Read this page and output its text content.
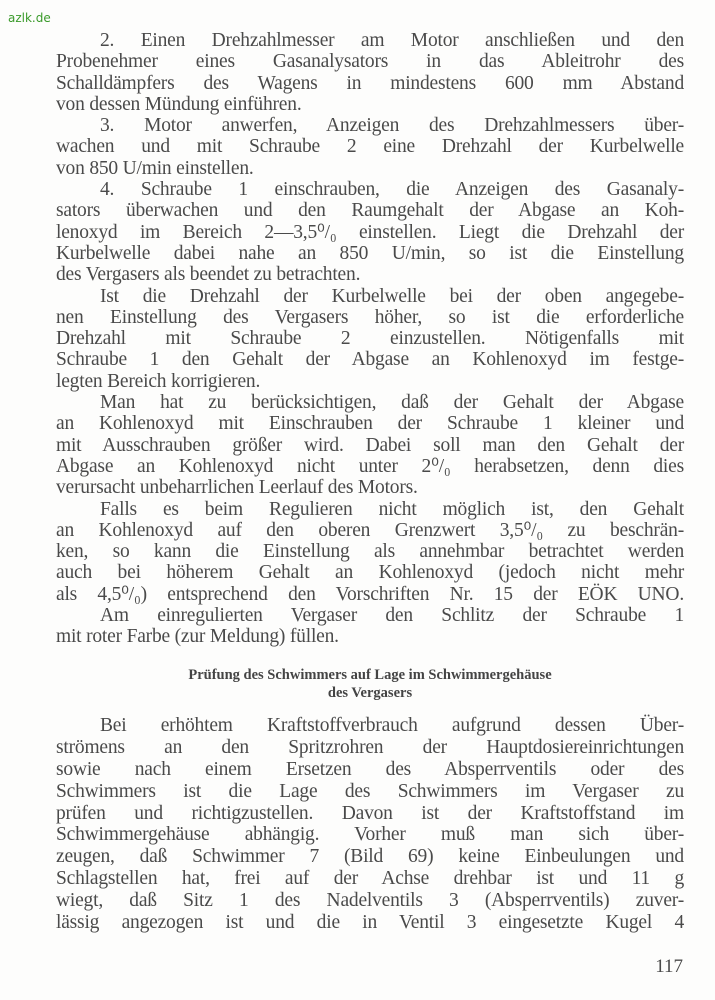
azlk.de
2. Einen Drehzahlmesser am Motor anschließen und den
Probenehmer eines Gasanalysators in das Ableitrohr des
Schalldämpfers des Wagens in mindestens 600 mm Abstand
von dessen Mündung einführen.
3. Motor anwerfen, Anzeigen des Drehzahlmessers über-
wachen und mit Schraube 2 eine Drehzahl der Kurbelwelle
von 850 U/min einstellen.
4. Schraube 1 einschrauben, die Anzeigen des Gasanaly-
sators überwachen und den Raumgehalt der Abgase an Koh-
lenoxyd im Bereich 2—3,5⁰/₀ einstellen. Liegt die Drehzahl der
Kurbelwelle dabei nahe an 850 U/min, so ist die Einstellung
des Vergasers als beendet zu betrachten.
Ist die Drehzahl der Kurbelwelle bei der oben angegebe-
nen Einstellung des Vergasers höher, so ist die erforderliche
Drehzahl mit Schraube 2 einzustellen. Nötigenfalls mit
Schraube 1 den Gehalt der Abgase an Kohlenoxyd im festge-
legten Bereich korrigieren.
Man hat zu berücksichtigen, daß der Gehalt der Abgase
an Kohlenoxyd mit Einschrauben der Schraube 1 kleiner und
mit Ausschrauben größer wird. Dabei soll man den Gehalt der
Abgase an Kohlenoxyd nicht unter 2⁰/₀ herabsetzen, denn dies
verursacht unbeharrlichen Leerlauf des Motors.
Falls es beim Regulieren nicht möglich ist, den Gehalt
an Kohlenoxyd auf den oberen Grenzwert 3,5⁰/₀ zu beschrän-
ken, so kann die Einstellung als annehmbar betrachtet werden
auch bei höherem Gehalt an Kohlenoxyd (jedoch nicht mehr
als 4,5⁰/₀) entsprechend den Vorschriften Nr. 15 der EÖK UNO.
Am einregulierten Vergaser den Schlitz der Schraube 1
mit roter Farbe (zur Meldung) füllen.
Prüfung des Schwimmers auf Lage im Schwimmergehäuse
des Vergasers
Bei erhöhtem Kraftstoffverbrauch aufgrund dessen Über-
strömens an den Spritzrohren der Hauptdosiereinrichtungen
sowie nach einem Ersetzen des Absperrventils oder des
Schwimmers ist die Lage des Schwimmers im Vergaser zu
prüfen und richtigzustellen. Davon ist der Kraftstoffstand im
Schwimmergehäuse abhängig. Vorher muß man sich über-
zeugen, daß Schwimmer 7 (Bild 69) keine Einbeulungen und
Schlagstellen hat, frei auf der Achse drehbar ist und 11 g
wiegt, daß Sitz 1 des Nadelventils 3 (Absperrventils) zuver-
lässig angezogen ist und die in Ventil 3 eingesetzte Kugel 4
117
